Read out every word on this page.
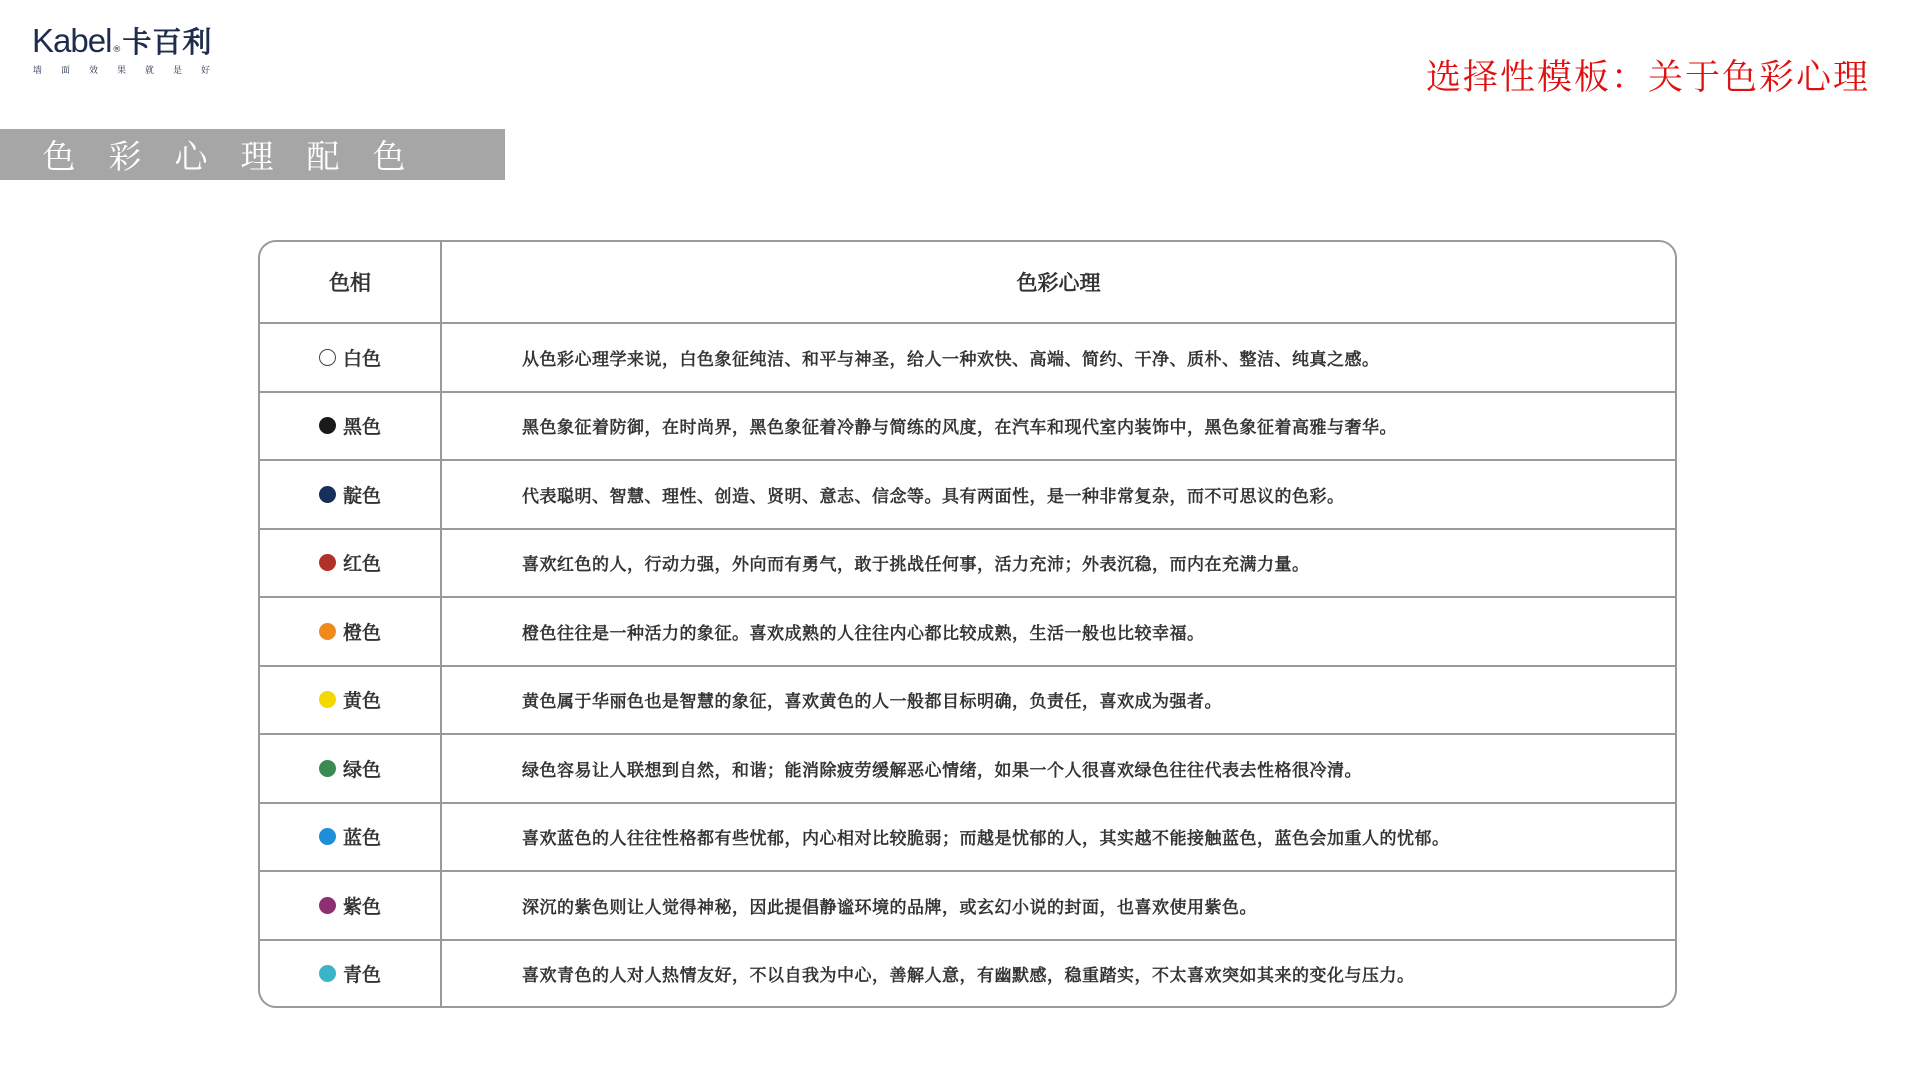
Kabel ® 卡百利
墙面效果就是好	选择性模板：关于色彩心理
色彩心理配色
色相	色彩心理

白色	从色彩心理学来说，白色象征纯洁、和平与神圣，给人一种欢快、高端、简约、干净、质朴、整洁、纯真之感。

黑色	黑色象征着防御，在时尚界，黑色象征着冷静与简练的风度，在汽车和现代室内装饰中，黑色象征着高雅与奢华。

靛色	代表聪明、智慧、理性、创造、贤明、意志、信念等。具有两面性，是一种非常复杂，而不可思议的色彩。

红色	喜欢红色的人，行动力强，外向而有勇气，敢于挑战任何事，活力充沛；外表沉稳，而内在充满力量。

橙色	橙色往往是一种活力的象征。喜欢成熟的人往往内心都比较成熟，生活一般也比较幸福。

黄色	黄色属于华丽色也是智慧的象征，喜欢黄色的人一般都目标明确，负责任，喜欢成为强者。

绿色	绿色容易让人联想到自然，和谐；能消除疲劳缓解恶心情绪，如果一个人很喜欢绿色往往代表去性格很冷清。

蓝色	喜欢蓝色的人往往性格都有些忧郁，内心相对比较脆弱；而越是忧郁的人，其实越不能接触蓝色，蓝色会加重人的忧郁。

紫色	深沉的紫色则让人觉得神秘，因此提倡静谧环境的品牌，或玄幻小说的封面，也喜欢使用紫色。

青色	喜欢青色的人对人热情友好，不以自我为中心，善解人意，有幽默感，稳重踏实，不太喜欢突如其来的变化与压力。
